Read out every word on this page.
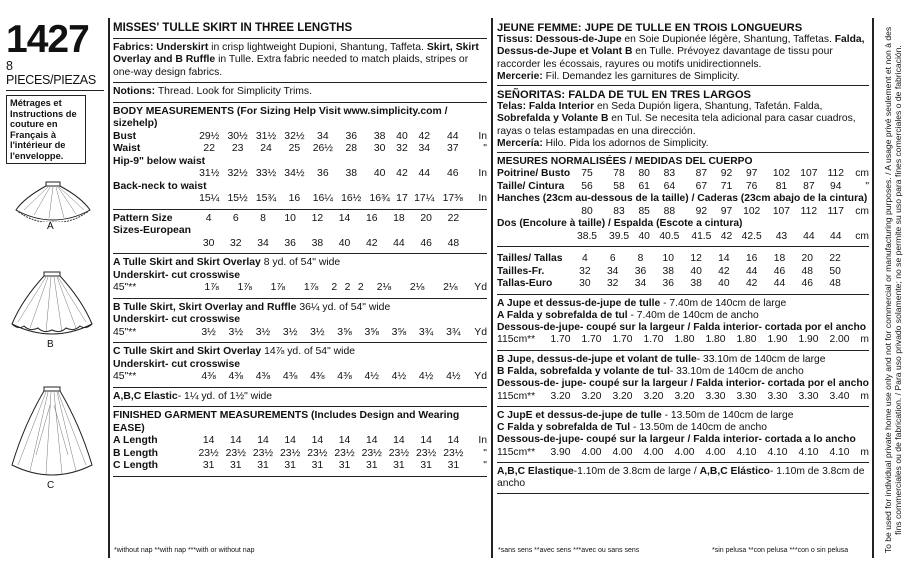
1427
8 PIECES/PIEZAS
Métrages et Instructions de couture en Français à l'intérieur de l'enveloppe.
A
B
C
MISSES' TULLE SKIRT IN THREE LENGTHS
Fabrics: Underskirt in crisp lightweight Dupioni, Shantung, Taffeta. Skirt, Skirt Overlay and B Ruffle in Tulle. Extra fabric needed to match plaids, stripes or one-way design fabrics.
Notions: Thread. Look for Simplicity Trims.
BODY MEASUREMENTS (For Sizing Help Visit www.simplicity.com / sizehelp)
Bust	29½	30½	31½	32½	34	36	38	40	42	44	In
Waist	22	23	24	25	26½	28	30	32	34	37	"
Hip-9" below waist											
	31½	32½	33½	34½	36	38	40	42	44	46	In
Back-neck to waist											
	15¼	15½	15¾	16	16¼	16½	16¾	17	17¼	17⅜	In
Pattern Size	4	6	8	10	12	14	16	18	20	22	
Sizes-European											
	30	32	34	36	38	40	42	44	46	48	
A Tulle Skirt and Skirt Overlay 8 yd. of 54" wide
Underskirt- cut crosswise
45"**	1⅞	1⅞	1⅞	1⅞	2	2	2	2⅛	2⅛	2⅛	Yd
B Tulle Skirt, Skirt Overlay and Ruffle 36¼ yd. of 54" wide
Underskirt- cut crosswise
45"**	3½	3½	3½	3½	3½	3⅝	3⅝	3⅝	3¾	3¾	Yd
C Tulle Skirt and Skirt Overlay 14⅞ yd. of 54" wide
Underskirt- cut crosswise
45"**	4⅜	4⅜	4⅜	4⅜	4⅜	4⅜	4½	4½	4½	4½	Yd
A,B,C Elastic- 1¼ yd. of 1½" wide
FINISHED GARMENT MEASUREMENTS (Includes Design and Wearing EASE)
A Length	14	14	14	14	14	14	14	14	14	14	In
B Length	23½	23½	23½	23½	23½	23½	23½	23½	23½	23½	"
C Length	31	31	31	31	31	31	31	31	31	31	"
*without nap **with nap ***with or without nap
JEUNE FEMME: JUPE DE TULLE EN TROIS LONGUEURS
Tissus: Dessous-de-Jupe en Soie Dupionée légère, Shantung, Taffetas. Falda, Dessus-de-Jupe et Volant B en Tulle. Prévoyez davantage de tissu pour raccorder les écossais, rayures ou motifs unidirectionnels.
Mercerie: Fil. Demandez les garnitures de Simplicity.
SEÑORITAS: FALDA DE TUL EN TRES LARGOS
Telas: Falda Interior en Seda Dupión ligera, Shantung, Tafetán. Falda, Sobrefalda y Volante B en Tul. Se necesita tela adicional para casar cuadros, rayas o telas estampadas en una dirección.
Mercería: Hilo. Pida los adornos de Simplicity.
MESURES NORMALISÉES / MEDIDAS DEL CUERPO
Poitrine/ Busto	75	78	80	83	87	92	97	102	107	112	cm
Taille/ Cintura	56	58	61	64	67	71	76	81	87	94	"
Hanches (23cm au-dessous de la taille) / Caderas (23cm abajo de la cintura)											
	80	83	85	88	92	97	102	107	112	117	cm
Dos (Encolure à taille) / Espalda (Escote a cintura)											
	38.5	39.5	40	40.5	41.5	42	42.5	43	44	44	cm
Tailles/ Tallas	4	6	8	10	12	14	16	18	20	22	
Tailles-Fr.	32	34	36	38	40	42	44	46	48	50	
Tallas-Euro	30	32	34	36	38	40	42	44	46	48	
A Jupe et dessus-de-jupe de tulle - 7.40m de 140cm de large
A Falda y sobrefalda de tul - 7.40m de 140cm de ancho
Dessous-de-jupe- coupé sur la largeur / Falda interior- cortada por el ancho
115cm**	1.70	1.70	1.70	1.70	1.80	1.80	1.80	1.90	1.90	2.00	m
B Jupe, dessus-de-jupe et volant de tulle- 33.10m de 140cm de large
B Falda, sobrefalda y volante de tul- 33.10m de 140cm de ancho
Dessous-de- jupe- coupé sur la largeur / Falda interior- cortada por el ancho
115cm**	3.20	3.20	3.20	3.20	3.20	3.30	3.30	3.30	3.30	3.40	m
C JupE et dessus-de-jupe de tulle - 13.50m de 140cm de large
C Falda y sobrefalda de Tul - 13.50m de 140cm de ancho
Dessous-de-jupe- coupé sur la largeur / Falda interior- cortada a lo ancho
115cm**	3.90	4.00	4.00	4.00	4.00	4.00	4.10	4.10	4.10	4.10	m
A,B,C Elastique-1.10m de 3.8cm de large / A,B,C Elástico- 1.10m de 3.8cm de ancho
*sans sens **avec sens ***avec ou sans sens	*sin pelusa **con pelusa ***con o sin pelusa	To be used for individual private home use only and not for commercial or manufacturing purposes. / A usage privé seulement et non à des fins commerciales ou de fabrication. / Para uso privado solamente; no se permite su uso para fines comerciales o de fabricación.
